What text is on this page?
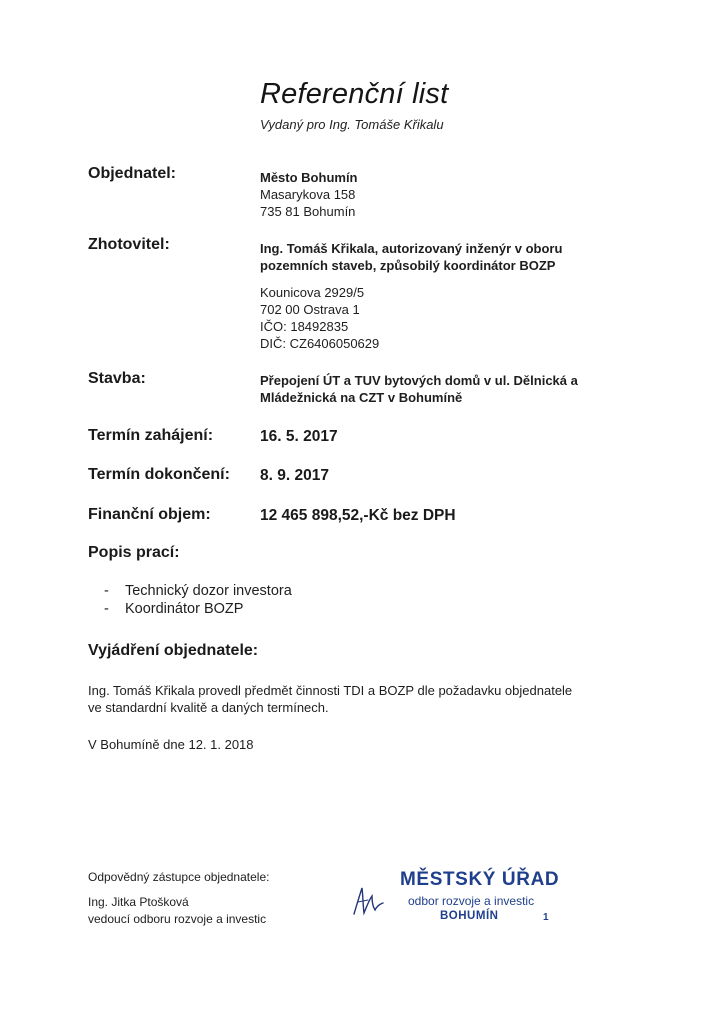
Referenční list
Vydaný pro Ing. Tomáše Křikalu
Objednatel:	Město Bohumín
Masarykova 158
735 81 Bohumín
Zhotovitel:	Ing. Tomáš Křikala, autorizovaný inženýr v oboru
pozemních staveb, způsobilý koordinátor BOZP
Kounicova 2929/5
702 00 Ostrava 1
IČO: 18492835
DIČ: CZ6406050629
Stavba:	Přepojení ÚT a TUV bytových domů v ul. Dělnická a
Mládežnická na CZT v Bohumíně
Termín zahájení:	16. 5. 2017
Termín dokončení: 8. 9. 2017
Finanční objem:	12 465 898,52,-Kč bez DPH
Popis prací:
-    Technický dozor investora
-    Koordinátor BOZP
Vyjádření objednatele:
Ing. Tomáš Křikala provedl předmět činnosti TDI a BOZP dle požadavku objednatele
ve standardní kvalitě a daných termínech.
V Bohumíně dne 12. 1. 2018
Odpovědný zástupce objednatele:
Ing. Jitka Ptošková
vedoucí odboru rozvoje a investic
MĚSTSKÝ ÚŘAD
odbor rozvoje a investic
BOHUMÍN	1
